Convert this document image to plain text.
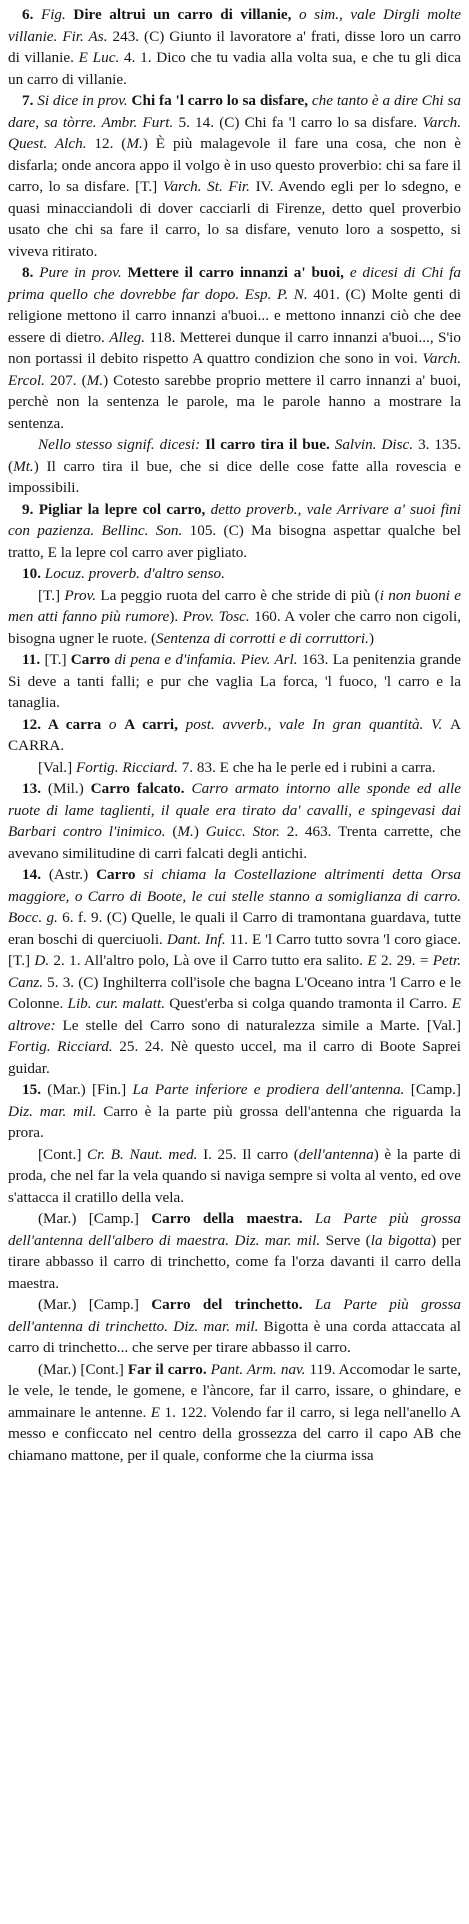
6. Fig. Dire altrui un carro di villanie, o sim., vale Dirgli molte villanie. Fir. As. 243. (C) Giunto il lavoratore a' frati, disse loro un carro di villanie. E Luc. 4. 1. Dico che tu vadia alla volta sua, e che tu gli dica un carro di villanie.

7. Si dice in prov. Chi fa 'l carro lo sa disfare, che tanto è a dire Chi sa dare, sa tòrre. Ambr. Furt. 5. 14. (C) Chi fa 'l carro lo sa disfare. Varch. Quest. Alch. 12. (M.) È più malagevole il fare una cosa, che non è disfarla; onde ancora appo il volgo è in uso questo proverbio: chi sa fare il carro, lo sa disfare. [T.] Varch. St. Fir. IV. Avendo egli per lo sdegno, e quasi minacciandoli di dover cacciarli di Firenze, detto quel proverbio usato che chi sa fare il carro, lo sa disfare, venuto loro a sospetto, si viveva ritirato.

8. Pure in prov. Mettere il carro innanzi a' buoi, e dicesi di Chi fa prima quello che dovrebbe far dopo. Esp. P. N. 401. (C) Molte genti di religione mettono il carro innanzi a'buoi... e mettono innanzi ciò che dee essere di dietro. Alleg. 118. Metterei dunque il carro innanzi a'buoi..., S'io non portassi il debito rispetto A quattro condizion che sono in voi. Varch. Ercol. 207. (M.) Cotesto sarebbe proprio mettere il carro innanzi a' buoi, perchè non la sentenza le parole, ma le parole hanno a mostrare la sentenza.

Nello stesso signif. dicesi: Il carro tira il bue. Salvin. Disc. 3. 135. (Mt.) Il carro tira il bue, che si dice delle cose fatte alla rovescia e impossibili.

9. Pigliar la lepre col carro, detto proverb., vale Arrivare a' suoi fini con pazienza. Bellinc. Son. 105. (C) Ma bisogna aspettar qualche bel tratto, E la lepre col carro aver pigliato.

10. Locuz. proverb. d'altro senso.

[T.] Prov. La peggio ruota del carro è che stride di più (i non buoni e men atti fanno più rumore). Prov. Tosc. 160. A voler che carro non cigoli, bisogna ugner le ruote. (Sentenza di corrotti e di corruttori.)

11. [T.] Carro di pena e d'infamia. Piev. Arl. 163. La penitenzia grande Si deve a tanti falli; e pur che vaglia La forca, 'l fuoco, 'l carro e la tanaglia.

12. A carra o A carri, post. avverb., vale In gran quantità. V. A CARRA.

[Val.] Fortig. Ricciard. 7. 83. E che ha le perle ed i rubini a carra.

13. (Mil.) Carro falcato. Carro armato intorno alle sponde ed alle ruote di lame taglienti, il quale era tirato da' cavalli, e spingevasi dai Barbari contro l'inimico. (M.) Guicc. Stor. 2. 463. Trenta carrette, che avevano similitudine di carri falcati degli antichi.

14. (Astr.) Carro si chiama la Costellazione altrimenti detta Orsa maggiore, o Carro di Boote, le cui stelle stanno a somiglianza di carro. Bocc. g. 6. f. 9. (C) Quelle, le quali il Carro di tramontana guardava, tutte eran boschi di querciuoli. Dant. Inf. 11. E 'l Carro tutto sovra 'l coro giace. [T.] D. 2. 1. All'altro polo, Là ove il Carro tutto era salito. E 2. 29. = Petr. Canz. 5. 3. (C) Inghilterra coll'isole che bagna L'Oceano intra 'l Carro e le Colonne. Lib. cur. malatt. Quest'erba si colga quando tramonta il Carro. E altrove: Le stelle del Carro sono di naturalezza simile a Marte. [Val.] Fortig. Ricciard. 25. 24. Nè questo uccel, ma il carro di Boote Saprei guidar.

15. (Mar.) [Fin.] La Parte inferiore e prodiera dell'antenna. [Camp.] Diz. mar. mil. Carro è la parte più grossa dell'antenna che riguarda la prora.

[Cont.] Cr. B. Naut. med. I. 25. Il carro (dell'antenna) è la parte di proda, che nel far la vela quando si naviga sempre si volta al vento, ed ove s'attacca il cratillo della vela.

(Mar.) [Camp.] Carro della maestra. La Parte più grossa dell'antenna dell'albero di maestra. Diz. mar. mil. Serve (la bigotta) per tirare abbasso il carro di trinchetto, come fa l'orza davanti il carro della maestra.

(Mar.) [Camp.] Carro del trinchetto. La Parte più grossa dell'antenna di trinchetto. Diz. mar. mil. Bigotta è una corda attaccata al carro di trinchetto... che serve per tirare abbasso il carro.

(Mar.) [Cont.] Far il carro. Pant. Arm. nav. 119. Accomodar le sarte, le vele, le tende, le gomene, e l'àncore, far il carro, issare, o ghindare, e ammainare le antenne. E 1. 122. Volendo far il carro, si lega nell'anello A messo e conficcato nel centro della grossezza del carro il capo AB che chiamano mattone, per il quale, conforme che la ciurma issa
